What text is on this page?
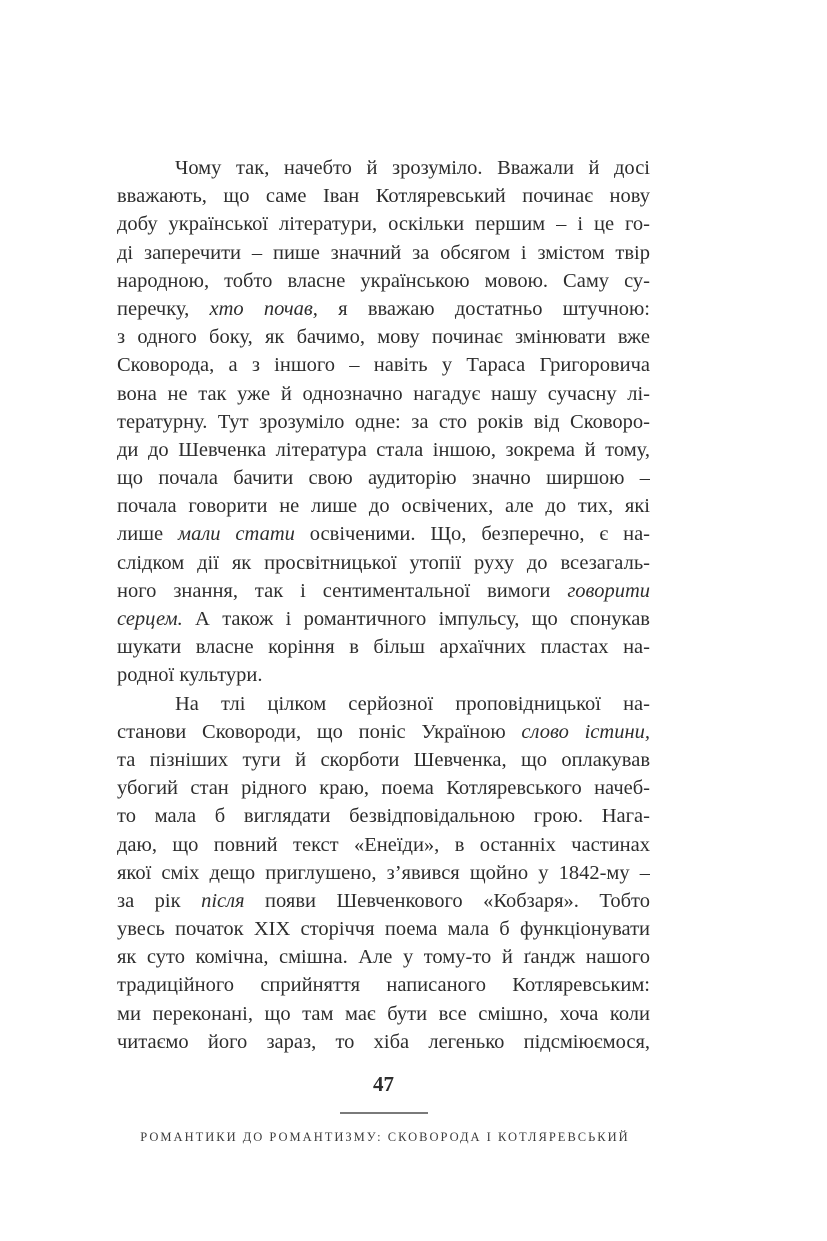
Чому так, начебто й зрозуміло. Вважали й досі
вважають, що саме Іван Котляревський починає нову
добу української літератури, оскільки першим – і це го-
ді заперечити – пише значний за обсягом і змістом твір
народною, тобто власне українською мовою. Саму су-
перечку, хто почав, я вважаю достатньо штучною:
з одного боку, як бачимо, мову починає змінювати вже
Сковорода, а з іншого – навіть у Тараса Григоровича
вона не так уже й однозначно нагадує нашу сучасну лі-
тературну. Тут зрозуміло одне: за сто років від Сковоро-
ди до Шевченка література стала іншою, зокрема й тому,
що почала бачити свою аудиторію значно ширшою –
почала говорити не лише до освічених, але до тих, які
лише мали стати освіченими. Що, безперечно, є на-
слідком дії як просвітницької утопії руху до всезагаль-
ного знання, так і сентиментальної вимоги говорити
серцем. А також і романтичного імпульсу, що спонукав
шукати власне коріння в більш архаїчних пластах на-
родної культури.
На тлі цілком серйозної проповідницької на-
станови Сковороди, що поніс Україною слово істини,
та пізніших туги й скорботи Шевченка, що оплакував
убогий стан рідного краю, поема Котляревського начеб-
то мала б виглядати безвідповідальною грою. Нага-
даю, що повний текст «Енеїди», в останніх частинах
якої сміх дещо приглушено, з’явився щойно у 1842-му –
за рік після появи Шевченкового «Кобзаря». Тобто
увесь початок XIX сторіччя поема мала б функціонувати
як суто комічна, смішна. Але у тому-то й ґандж нашого
традиційного сприйняття написаного Котляревським:
ми переконані, що там має бути все смішно, хоча коли
читаємо його зараз, то хіба легенько підсміюємося,
47
РОМАНТИКИ ДО РОМАНТИЗМУ: СКОВОРОДА І КОТЛЯРЕВСЬКИЙ
